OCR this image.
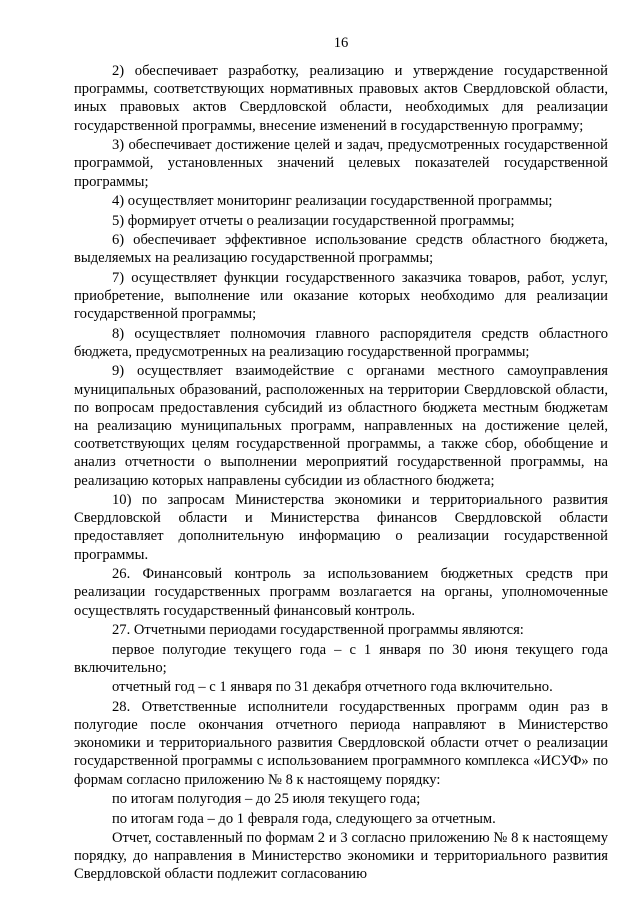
16

2) обеспечивает разработку, реализацию и утверждение государственной программы, соответствующих нормативных правовых актов Свердловской области, иных правовых актов Свердловской области, необходимых для реализации государственной программы, внесение изменений в государственную программу;

3) обеспечивает достижение целей и задач, предусмотренных государственной программой, установленных значений целевых показателей государственной программы;

4) осуществляет мониторинг реализации государственной программы;

5) формирует отчеты о реализации государственной программы;

6) обеспечивает эффективное использование средств областного бюджета, выделяемых на реализацию государственной программы;

7) осуществляет функции государственного заказчика товаров, работ, услуг, приобретение, выполнение или оказание которых необходимо для реализации государственной программы;

8) осуществляет полномочия главного распорядителя средств областного бюджета, предусмотренных на реализацию государственной программы;

9) осуществляет взаимодействие с органами местного самоуправления муниципальных образований, расположенных на территории Свердловской области, по вопросам предоставления субсидий из областного бюджета местным бюджетам на реализацию муниципальных программ, направленных на достижение целей, соответствующих целям государственной программы, а также сбор, обобщение и анализ отчетности о выполнении мероприятий государственной программы, на реализацию которых направлены субсидии из областного бюджета;

10) по запросам Министерства экономики и территориального развития Свердловской области и Министерства финансов Свердловской области предоставляет дополнительную информацию о реализации государственной программы.

26. Финансовый контроль за использованием бюджетных средств при реализации государственных программ возлагается на органы, уполномоченные осуществлять государственный финансовый контроль.

27. Отчетными периодами государственной программы являются:

первое полугодие текущего года – с 1 января по 30 июня текущего года включительно;

отчетный год – с 1 января по 31 декабря отчетного года включительно.

28. Ответственные исполнители государственных программ один раз в полугодие после окончания отчетного периода направляют в Министерство экономики и территориального развития Свердловской области отчет о реализации государственной программы с использованием программного комплекса «ИСУФ» по формам согласно приложению № 8 к настоящему порядку:

по итогам полугодия – до 25 июля текущего года;

по итогам года – до 1 февраля года, следующего за отчетным.

Отчет, составленный по формам 2 и 3 согласно приложению № 8 к настоящему порядку, до направления в Министерство экономики и территориального развития Свердловской области подлежит согласованию
